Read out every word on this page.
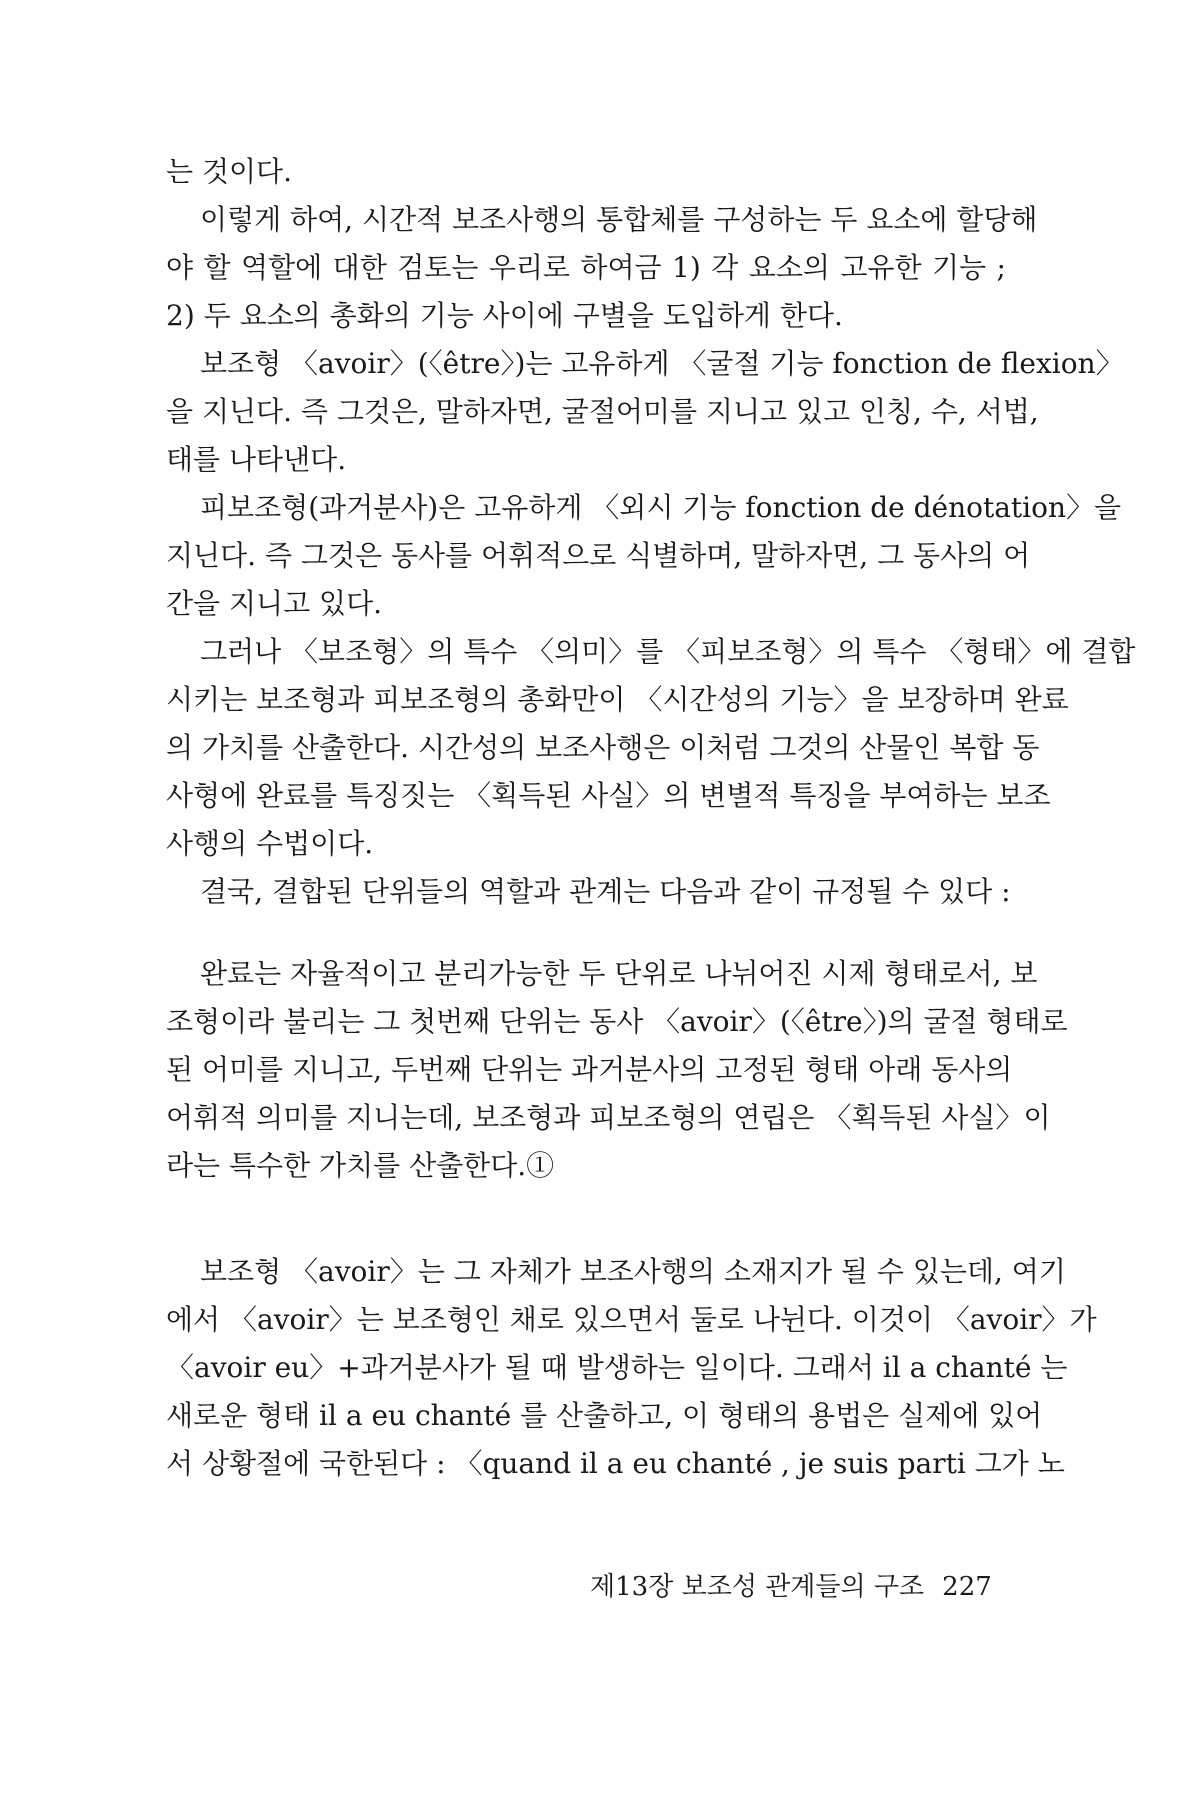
는 것이다.
이렇게 하여, 시간적 보조사행의 통합체를 구성하는 두 요소에 할당해
야 할 역할에 대한 검토는 우리로 하여금 1) 각 요소의 고유한 기능 ;
2) 두 요소의 총화의 기능 사이에 구별을 도입하게 한다.
보조형 〈avoir〉(〈être〉)는 고유하게 〈굴절 기능 fonction de flexion〉
을 지닌다. 즉 그것은, 말하자면, 굴절어미를 지니고 있고 인칭, 수, 서법,
태를 나타낸다.
피보조형(과거분사)은 고유하게 〈외시 기능 fonction de dénotation〉을
지닌다. 즉 그것은 동사를 어휘적으로 식별하며, 말하자면, 그 동사의 어
간을 지니고 있다.
그러나 〈보조형〉의 특수 〈의미〉를 〈피보조형〉의 특수 〈형태〉에 결합
시키는 보조형과 피보조형의 총화만이 〈시간성의 기능〉을 보장하며 완료
의 가치를 산출한다. 시간성의 보조사행은 이처럼 그것의 산물인 복합 동
사형에 완료를 특징짓는 〈획득된 사실〉의 변별적 특징을 부여하는 보조
사행의 수법이다.
결국, 결합된 단위들의 역할과 관계는 다음과 같이 규정될 수 있다 :
완료는 자율적이고 분리가능한 두 단위로 나뉘어진 시제 형태로서, 보
조형이라 불리는 그 첫번째 단위는 동사 〈avoir〉(〈être〉)의 굴절 형태로
된 어미를 지니고, 두번째 단위는 과거분사의 고정된 형태 아래 동사의
어휘적 의미를 지니는데, 보조형과 피보조형의 연립은 〈획득된 사실〉이
라는 특수한 가치를 산출한다.①
보조형 〈avoir〉는 그 자체가 보조사행의 소재지가 될 수 있는데, 여기
에서 〈avoir〉는 보조형인 채로 있으면서 둘로 나뉜다. 이것이 〈avoir〉가
〈avoir eu〉+과거분사가 될 때 발생하는 일이다. 그래서 il a chanté 는
새로운 형태 il a eu chanté 를 산출하고, 이 형태의 용법은 실제에 있어
서 상황절에 국한된다 : 〈quand il a eu chanté , je suis parti 그가 노
제13장 보조성 관계들의 구조 227
